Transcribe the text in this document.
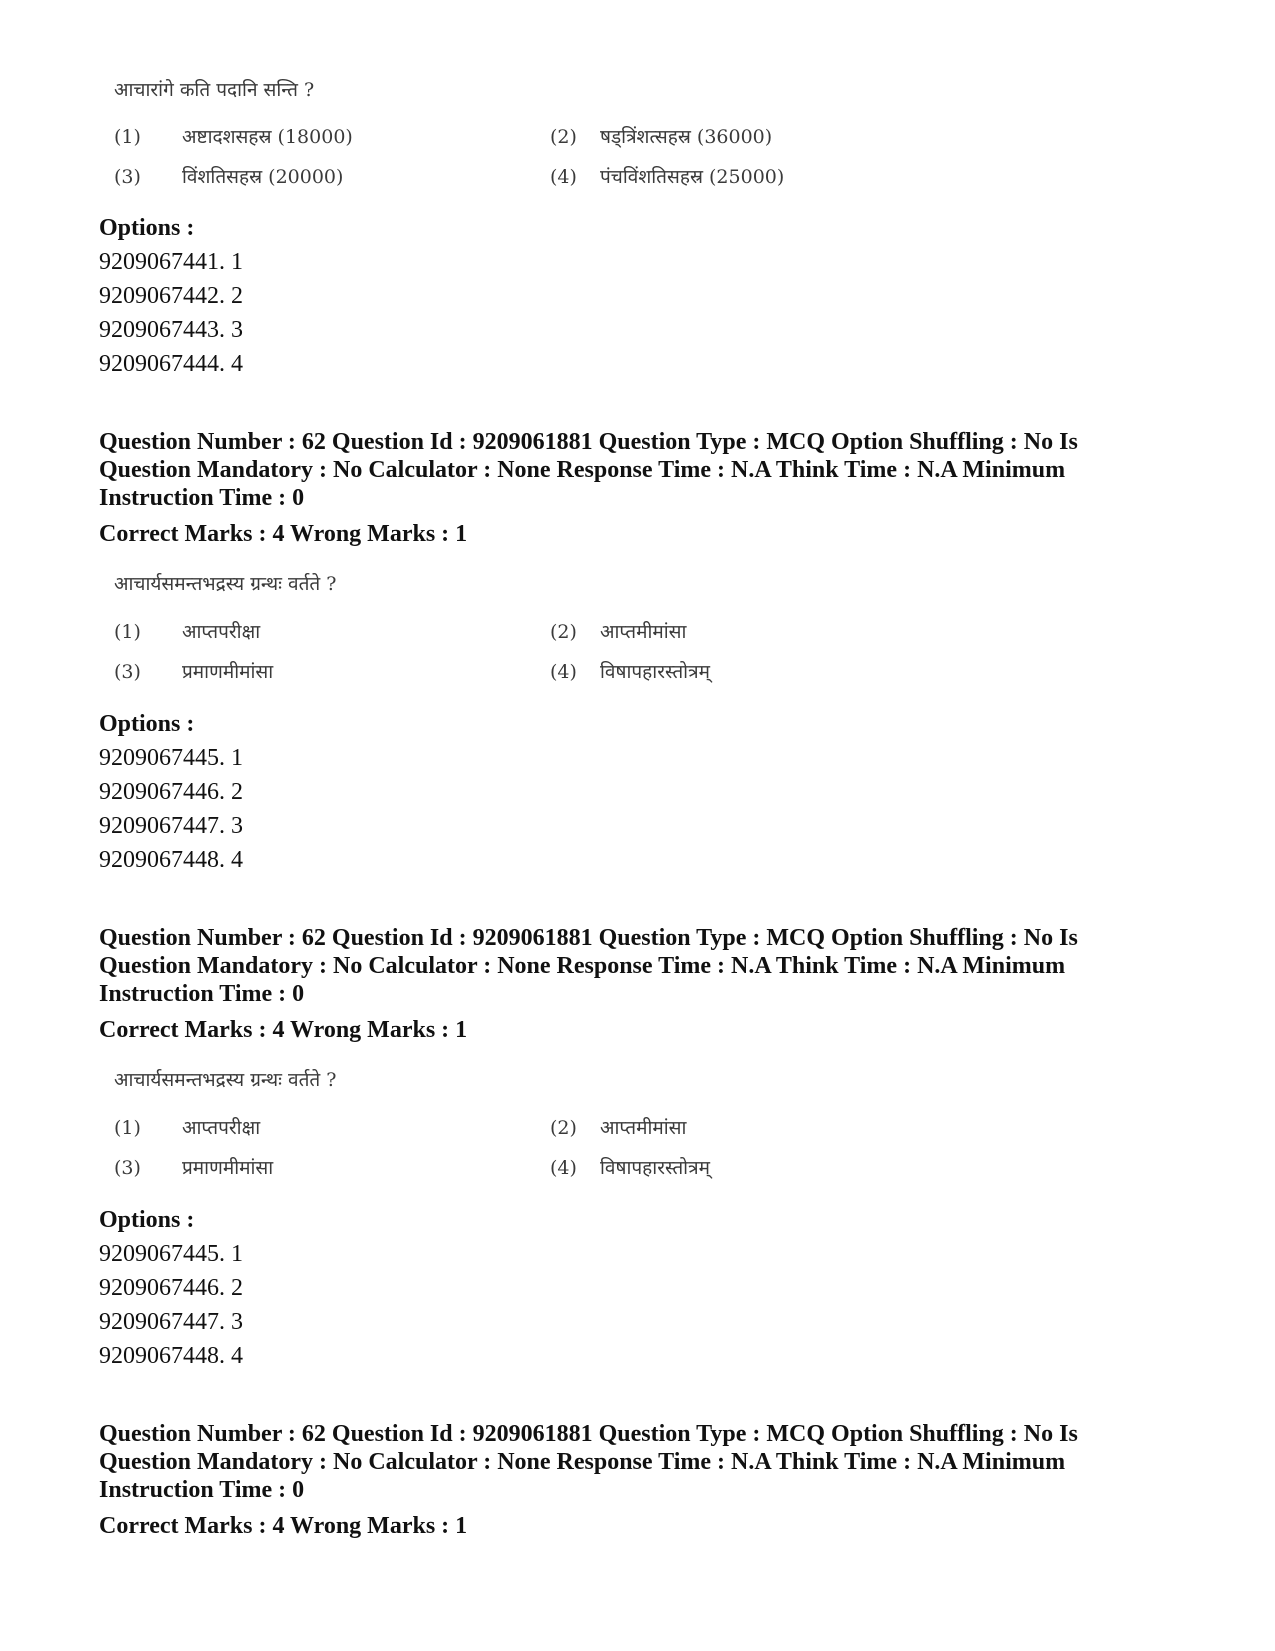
आचारांगे कति पदानि सन्ति ?
(1) अष्टादशसहस्र (18000)	(2) षड्त्रिंशत्सहस्र (36000)
(3) विंशतिसहस्र (20000)	(4) पंचविंशतिसहस्र (25000)
Options :
9209067441. 1
9209067442. 2
9209067443. 3
9209067444. 4
Question Number : 62 Question Id : 9209061881 Question Type : MCQ Option Shuffling : No Is
Question Mandatory : No Calculator : None Response Time : N.A Think Time : N.A Minimum
Instruction Time : 0
Correct Marks : 4 Wrong Marks : 1
आचार्यसमन्तभद्रस्य ग्रन्थः वर्तते ?
(1) आप्तपरीक्षा	(2) आप्तमीमांसा
(3) प्रमाणमीमांसा	(4) विषापहारस्तोत्रम्
Options :
9209067445. 1
9209067446. 2
9209067447. 3
9209067448. 4
Question Number : 62 Question Id : 9209061881 Question Type : MCQ Option Shuffling : No Is
Question Mandatory : No Calculator : None Response Time : N.A Think Time : N.A Minimum
Instruction Time : 0
Correct Marks : 4 Wrong Marks : 1
आचार्यसमन्तभद्रस्य ग्रन्थः वर्तते ?
(1) आप्तपरीक्षा	(2) आप्तमीमांसा
(3) प्रमाणमीमांसा	(4) विषापहारस्तोत्रम्
Options :
9209067445. 1
9209067446. 2
9209067447. 3
9209067448. 4
Question Number : 62 Question Id : 9209061881 Question Type : MCQ Option Shuffling : No Is
Question Mandatory : No Calculator : None Response Time : N.A Think Time : N.A Minimum
Instruction Time : 0
Correct Marks : 4 Wrong Marks : 1
